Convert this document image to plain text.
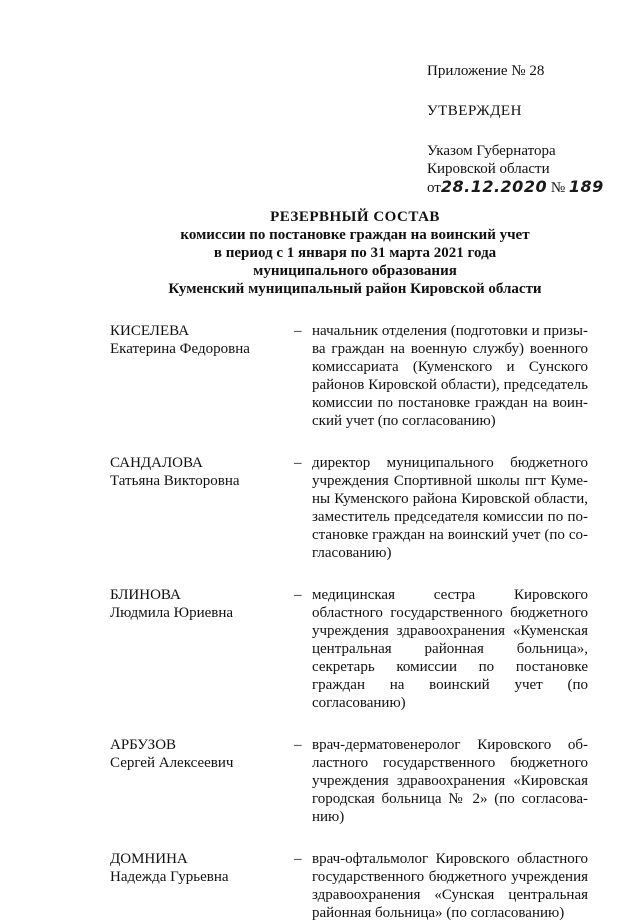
Приложение № 28

УТВЕРЖДЕН

Указом Губернатора
Кировской области
от28.12.2020 № 189
РЕЗЕРВНЫЙ СОСТАВ
комиссии по постановке граждан на воинский учет
в период с 1 января по 31 марта 2021 года
муниципального образования
Куменский муниципальный район Кировской области
КИСЕЛЕВА
Екатерина Федоровна
– начальник отделения (подготовки и призыва граждан на военную службу) военного комиссариата (Куменского и Сунского районов Кировской области), председатель комиссии по постановке граждан на воинский учет (по согласованию)
САНДАЛОВА
Татьяна Викторовна
– директор муниципального бюджетного учреждения Спортивной школы пгт Кумены Куменского района Кировской области, заместитель председателя комиссии по постановке граждан на воинский учет (по согласованию)
БЛИНОВА
Людмила Юриевна
– медицинская сестра Кировского областного государственного бюджетного учреждения здравоохранения «Куменская центральная районная больница», секретарь комиссии по постановке граждан на воинский учет (по согласованию)
АРБУЗОВ
Сергей Алексеевич
– врач-дерматовенеролог Кировского областного государственного бюджетного учреждения здравоохранения «Кировская городская больница № 2» (по согласованию)
ДОМНИНА
Надежда Гурьевна
– врач-офтальмолог Кировского областного государственного бюджетного учреждения здравоохранения «Сунская центральная районная больница» (по согласованию)
